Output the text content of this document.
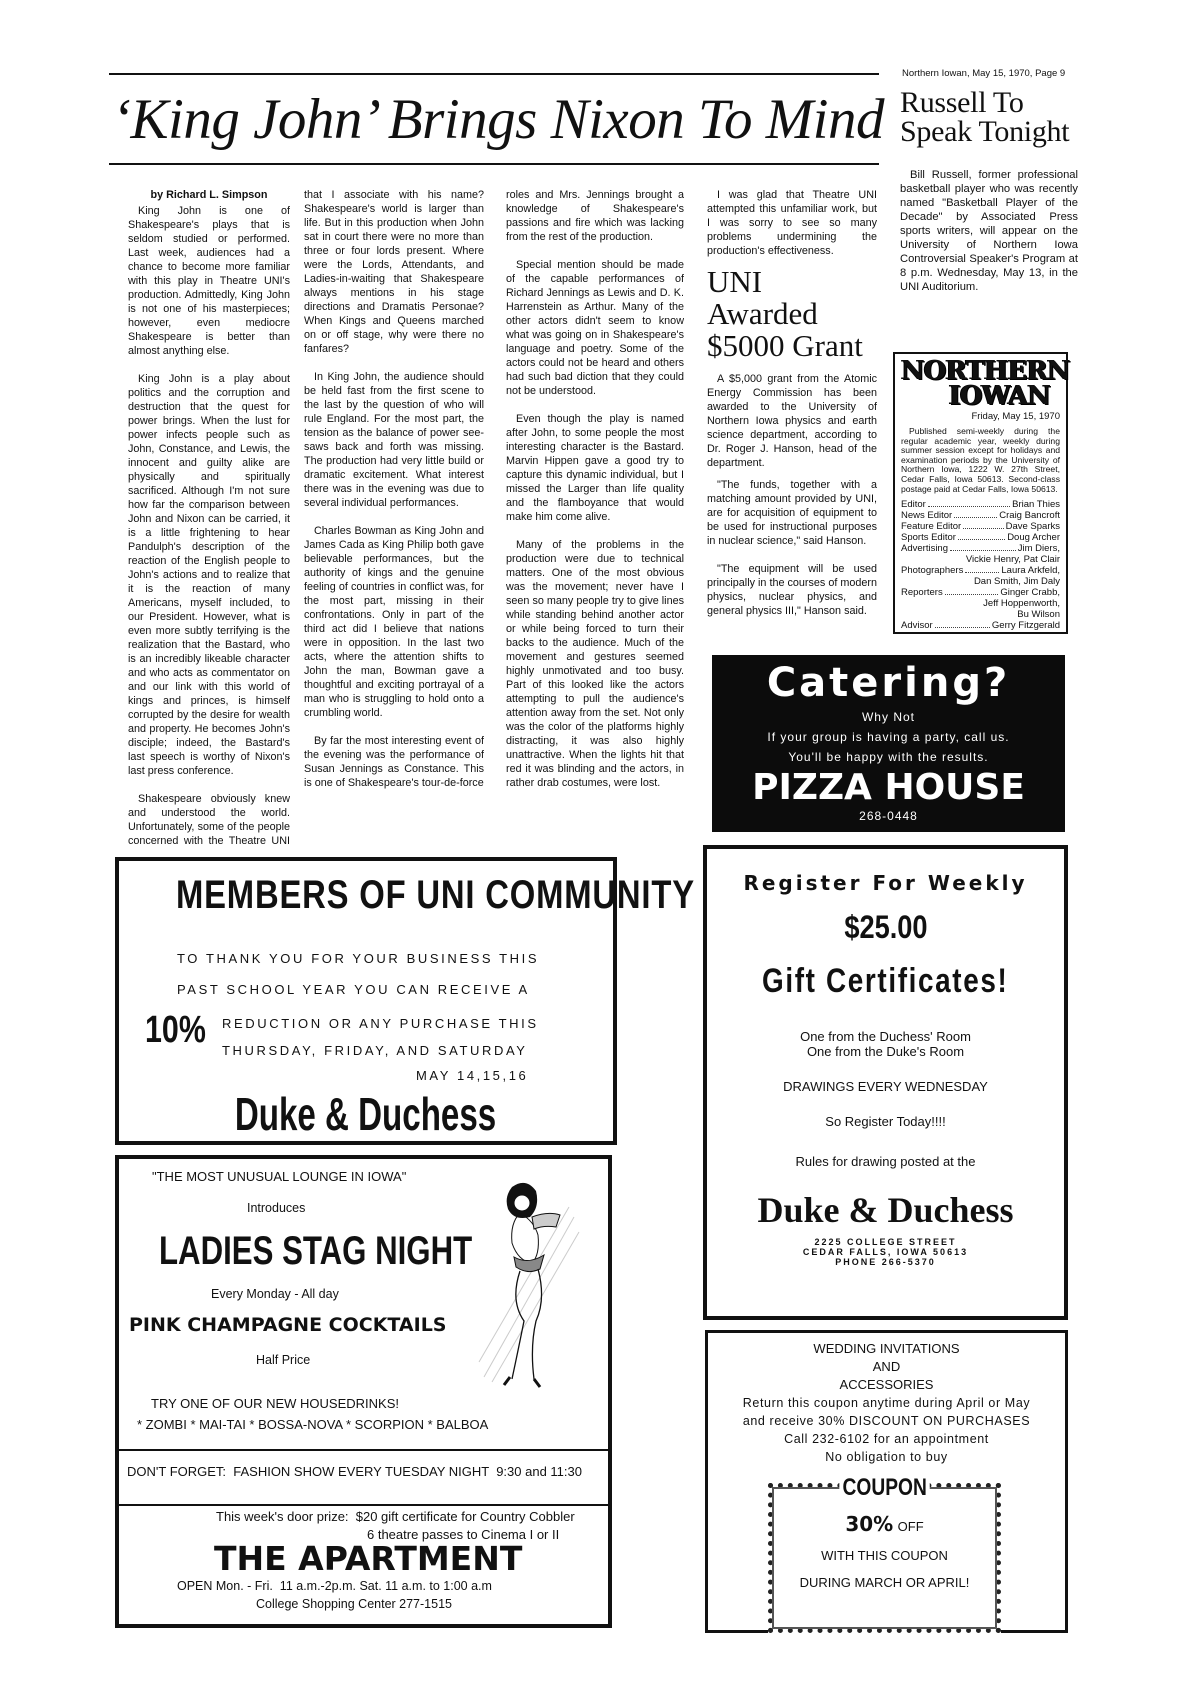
Northern Iowan, May 15, 1970, Page 9
‘King John’ Brings Nixon To Mind Russell To Speak Tonight

by Richard L. Simpson

King John is one of Shakespeare's plays that is seldom studied or performed. Last week, audiences had a chance to become more familiar with this play in Theatre UNI's production. Admittedly, King John is not one of his masterpieces; however, even mediocre Shakespeare is better than almost anything else.

King John is a play about politics and the corruption and destruction that the quest for power brings. When the lust for power infects people such as John, Constance, and Lewis, the innocent and guilty alike are physically and spiritually sacrificed. Although I'm not sure how far the comparison between John and Nixon can be carried, it is a little frightening to hear Pandulph's description of the reaction of the English people to John's actions and to realize that it is the reaction of many Americans, myself included, to our President. However, what is even more subtly terrifying is the realization that the Bastard, who is an incredibly likeable character and who acts as commentator on and our link with this world of kings and princes, is himself corrupted by the desire for wealth and property. He becomes John's disciple; indeed, the Bastard's last speech is worthy of Nixon's last press conference.

Shakespeare obviously knew and understood the world. Unfortunately, some of the people concerned with the Theatre UNI

that I associate with his name? Shakespeare's world is larger than life. But in this production when John sat in court there were no more than three or four lords present. Where were the Lords, Attendants, and Ladies-in-waiting that Shakespeare always mentions in his stage directions and Dramatis Personae? When Kings and Queens marched on or off stage, why were there no fanfares?

In King John, the audience should be held fast from the first scene to the last by the question of who will rule England. For the most part, the tension as the balance of power see-saws back and forth was missing. The production had very little build or dramatic excitement. What interest there was in the evening was due to several individual performances.

Charles Bowman as King John and James Cada as King Philip both gave believable performances, but the authority of kings and the genuine feeling of countries in conflict was, for the most part, missing in their confrontations. Only in part of the third act did I believe that nations were in opposition. In the last two acts, where the attention shifts to John the man, Bowman gave a thoughtful and exciting portrayal of a man who is struggling to hold onto a crumbling world.

By far the most interesting event of the evening was the performance of Susan Jennings as Constance. This is one of Shakespeare's tour-de-force

roles and Mrs. Jennings brought a knowledge of Shakespeare's passions and fire which was lacking from the rest of the production.

Special mention should be made of the capable performances of Richard Jennings as Lewis and D. K. Harrenstein as Arthur. Many of the other actors didn't seem to know what was going on in Shakespeare's language and poetry. Some of the actors could not be heard and others had such bad diction that they could not be understood.

Even though the play is named after John, to some people the most interesting character is the Bastard. Marvin Hippen gave a good try to capture this dynamic individual, but I missed the Larger than life quality and the flamboyance that would make him come alive.

Many of the problems in the production were due to technical matters. One of the most obvious was the movement; never have I seen so many people try to give lines while standing behind another actor or while being forced to turn their backs to the audience. Much of the movement and gestures seemed highly unmotivated and too busy. Part of this looked like the actors attempting to pull the audience's attention away from the set. Not only was the color of the platforms highly distracting, it was also highly unattractive. When the lights hit that red it was blinding and the actors, in rather drab costumes, were lost.

I was glad that Theatre UNI attempted this unfamiliar work, but I was sorry to see so many problems undermining the production's effectiveness.

UNI Awarded $5000 Grant

A $5,000 grant from the Atomic Energy Commission has been awarded to the University of Northern Iowa physics and earth science department, according to Dr. Roger J. Hanson, head of the department.

"The funds, together with a matching amount provided by UNI, are for acquisition of equipment to be used for instructional purposes in nuclear science," said Hanson.

"The equipment will be used principally in the courses of modern physics, nuclear physics, and general physics III," Hanson said.

Bill Russell, former professional basketball player who was recently named "Basketball Player of the Decade" by Associated Press sports writers, will appear on the University of Northern Iowa Controversial Speaker's Program at 8 p.m. Wednesday, May 13, in the UNI Auditorium.

NORTHERN
IOWAN
Friday, May 15, 1970
Published semi-weekly during the regular academic year, weekly during summer session except for holidays and examination periods by the University of Northern Iowa, 1222 W. 27th Street, Cedar Falls, Iowa 50613. Second-class postage paid at Cedar Falls, Iowa 50613.
Editor	Brian Thies
News Editor	Craig Bancroft
Feature Editor	Dave Sparks
Sports Editor	Doug Archer
Advertising	Jim Diers,
Vickie Henry, Pat Clair
Photographers	Laura Arkfeld,
Dan Smith, Jim Daly
Reporters	Ginger Crabb,
Jeff Hoppenworth,
Bu Wilson
Advisor	Gerry Fitzgerald
Catering?
Why Not
If your group is having a party, call us.
You'll be happy with the results.
PIZZA HOUSE
268-0448
MEMBERS OF UNI COMMUNITY
TO THANK YOU FOR YOUR BUSINESS THIS
PAST SCHOOL YEAR YOU CAN RECEIVE A
10%	REDUCTION OR ANY PURCHASE THIS
THURSDAY, FRIDAY, AND SATURDAY
MAY 14,15,16
Duke & Duchess
Register For Weekly
$25.00
Gift Certificates!
One from the Duchess' Room
One from the Duke's Room
DRAWINGS EVERY WEDNESDAY
So Register Today!!!!
Rules for drawing posted at the
Duke & Duchess
2225 COLLEGE STREET
CEDAR FALLS, IOWA 50613
PHONE 266-5370
"THE MOST UNUSUAL LOUNGE IN IOWA"
Introduces
LADIES STAG NIGHT
Every Monday - All day
PINK CHAMPAGNE COCKTAILS
Half Price
TRY ONE OF OUR NEW HOUSEDRINKS!
* ZOMBI * MAI-TAI * BOSSA-NOVA * SCORPION * BALBOA
DON'T FORGET:  FASHION SHOW EVERY TUESDAY NIGHT  9:30 and 11:30
This week's door prize:  $20 gift certificate for Country Cobbler
6 theatre passes to Cinema I or II
THE APARTMENT
OPEN Mon. - Fri.  11 a.m.-2p.m. Sat. 11 a.m. to 1:00 a.m
College Shopping Center 277-1515
WEDDING INVITATIONS
AND
ACCESSORIES
Return this coupon anytime during April or May
and receive 30% DISCOUNT ON PURCHASES
Call 232-6102 for an appointment
No obligation to buy
COUPON
30% OFF
WITH THIS COUPON
DURING MARCH OR APRIL!
